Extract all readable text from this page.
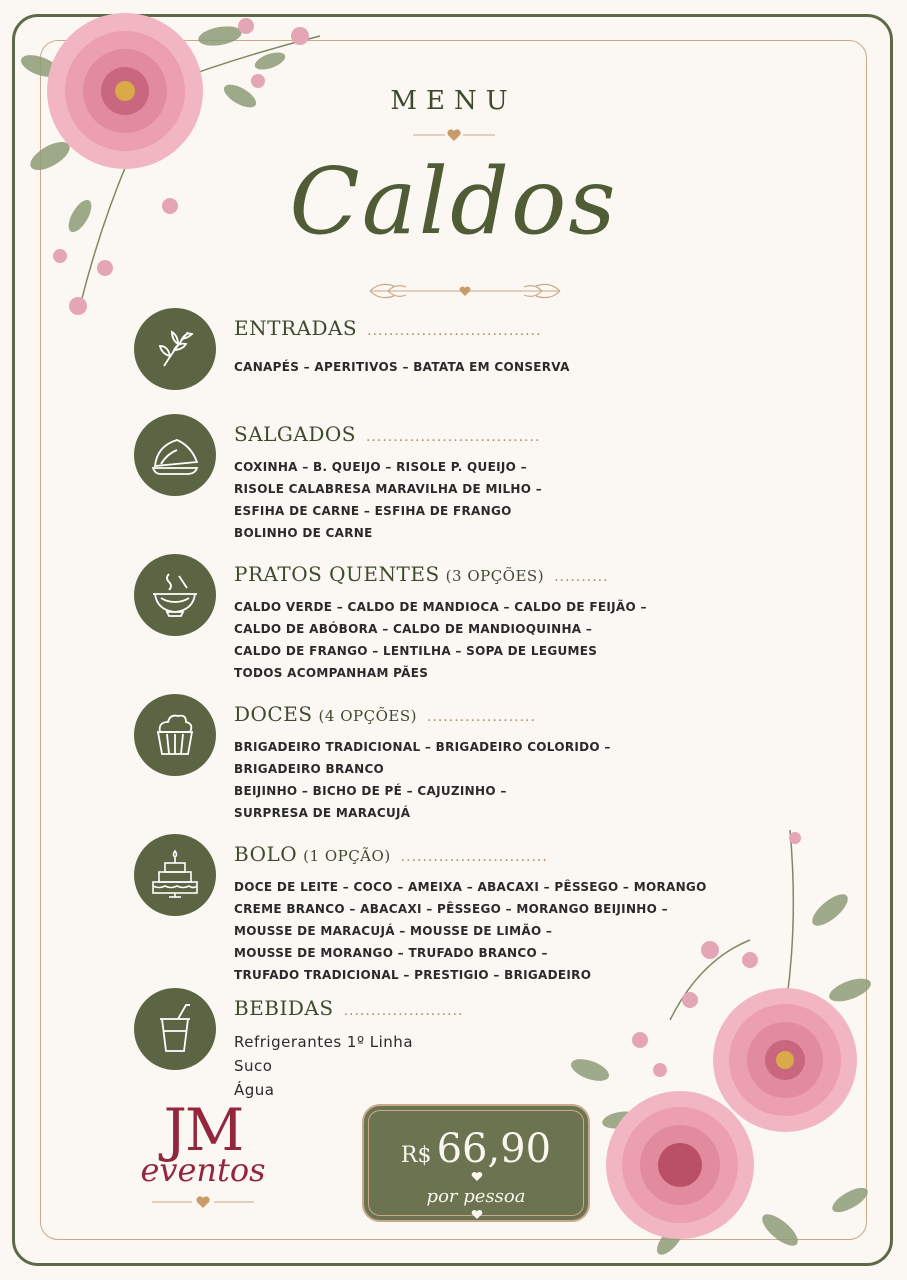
MENU
Caldos
ENTRADAS ................................
CANAPÉS – APERITIVOS – BATATA EM CONSERVA
SALGADOS ................................
COXINHA – B. QUEIJO – RISOLE P. QUEIJO –
RISOLE CALABRESA MARAVILHA DE MILHO –
ESFIHA DE CARNE – ESFIHA DE FRANGO
BOLINHO DE CARNE
PRATOS QUENTES (3 OPÇÕES) ..........
CALDO VERDE – CALDO DE MANDIOCA – CALDO DE FEIJÃO –
CALDO DE ABÓBORA – CALDO DE MANDIOQUINHA –
CALDO DE FRANGO – LENTILHA – SOPA DE LEGUMES
TODOS ACOMPANHAM PÃES
DOCES (4 OPÇÕES) ....................
BRIGADEIRO TRADICIONAL – BRIGADEIRO COLORIDO –
BRIGADEIRO BRANCO
BEIJINHO – BICHO DE PÉ – CAJUZINHO –
SURPRESA DE MARACUJÁ
BOLO (1 OPÇÃO) ...........................
DOCE DE LEITE – COCO – AMEIXA – ABACAXI – PÊSSEGO – MORANGO
CREME BRANCO – ABACAXI – PÊSSEGO – MORANGO BEIJINHO –
MOUSSE DE MARACUJÁ – MOUSSE DE LIMÃO –
MOUSSE DE MORANGO – TRUFADO BRANCO –
TRUFADO TRADICIONAL – PRESTIGIO – BRIGADEIRO
BEBIDAS ......................
Refrigerantes 1º Linha
Suco
Água
JM
eventos	R$ 66,90
por pessoa
